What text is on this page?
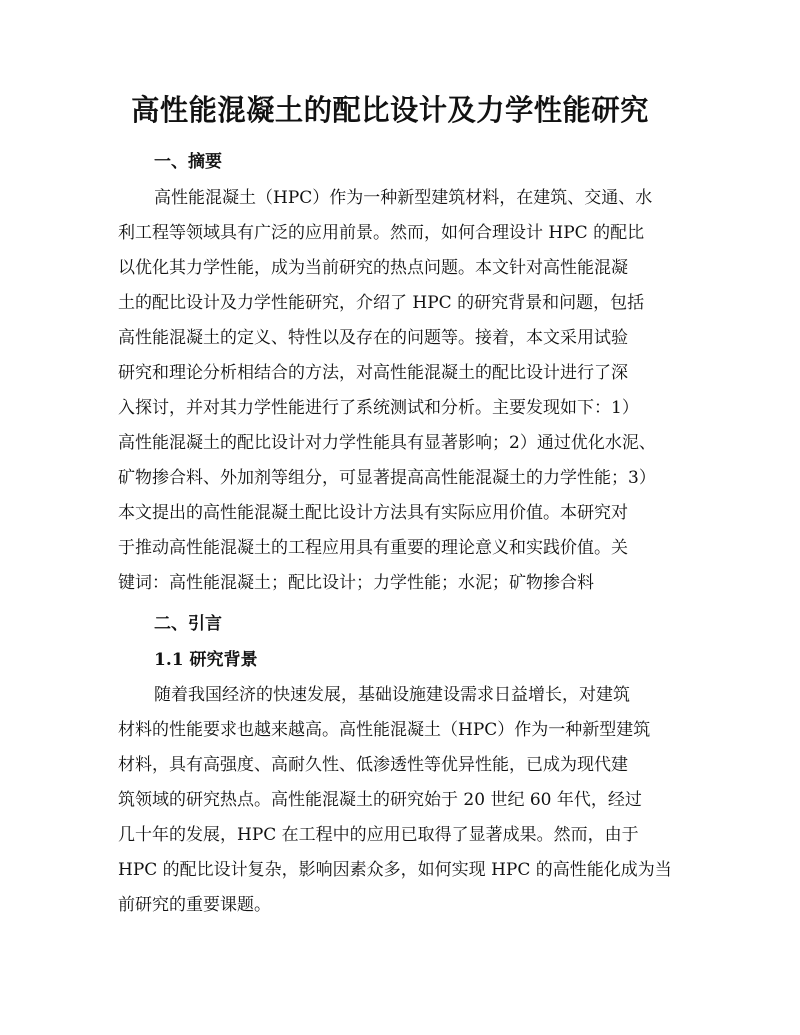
高性能混凝土的配比设计及力学性能研究
一、摘要

高性能混凝土（HPC）作为一种新型建筑材料，在建筑、交通、水

利工程等领域具有广泛的应用前景。然而，如何合理设计 HPC 的配比

以优化其力学性能，成为当前研究的热点问题。本文针对高性能混凝

土的配比设计及力学性能研究，介绍了 HPC 的研究背景和问题，包括

高性能混凝土的定义、特性以及存在的问题等。接着，本文采用试验

研究和理论分析相结合的方法，对高性能混凝土的配比设计进行了深

入探讨，并对其力学性能进行了系统测试和分析。主要发现如下：1）

高性能混凝土的配比设计对力学性能具有显著影响；2）通过优化水泥、

矿物掺合料、外加剂等组分，可显著提高高性能混凝土的力学性能；3）

本文提出的高性能混凝土配比设计方法具有实际应用价值。本研究对

于推动高性能混凝土的工程应用具有重要的理论意义和实践价值。关

键词：高性能混凝土；配比设计；力学性能；水泥；矿物掺合料

二、引言
1.1 研究背景

随着我国经济的快速发展，基础设施建设需求日益增长，对建筑

材料的性能要求也越来越高。高性能混凝土（HPC）作为一种新型建筑

材料，具有高强度、高耐久性、低渗透性等优异性能，已成为现代建

筑领域的研究热点。高性能混凝土的研究始于 20 世纪 60 年代，经过

几十年的发展，HPC 在工程中的应用已取得了显著成果。然而，由于

HPC 的配比设计复杂，影响因素众多，如何实现 HPC 的高性能化成为当

前研究的重要课题。
